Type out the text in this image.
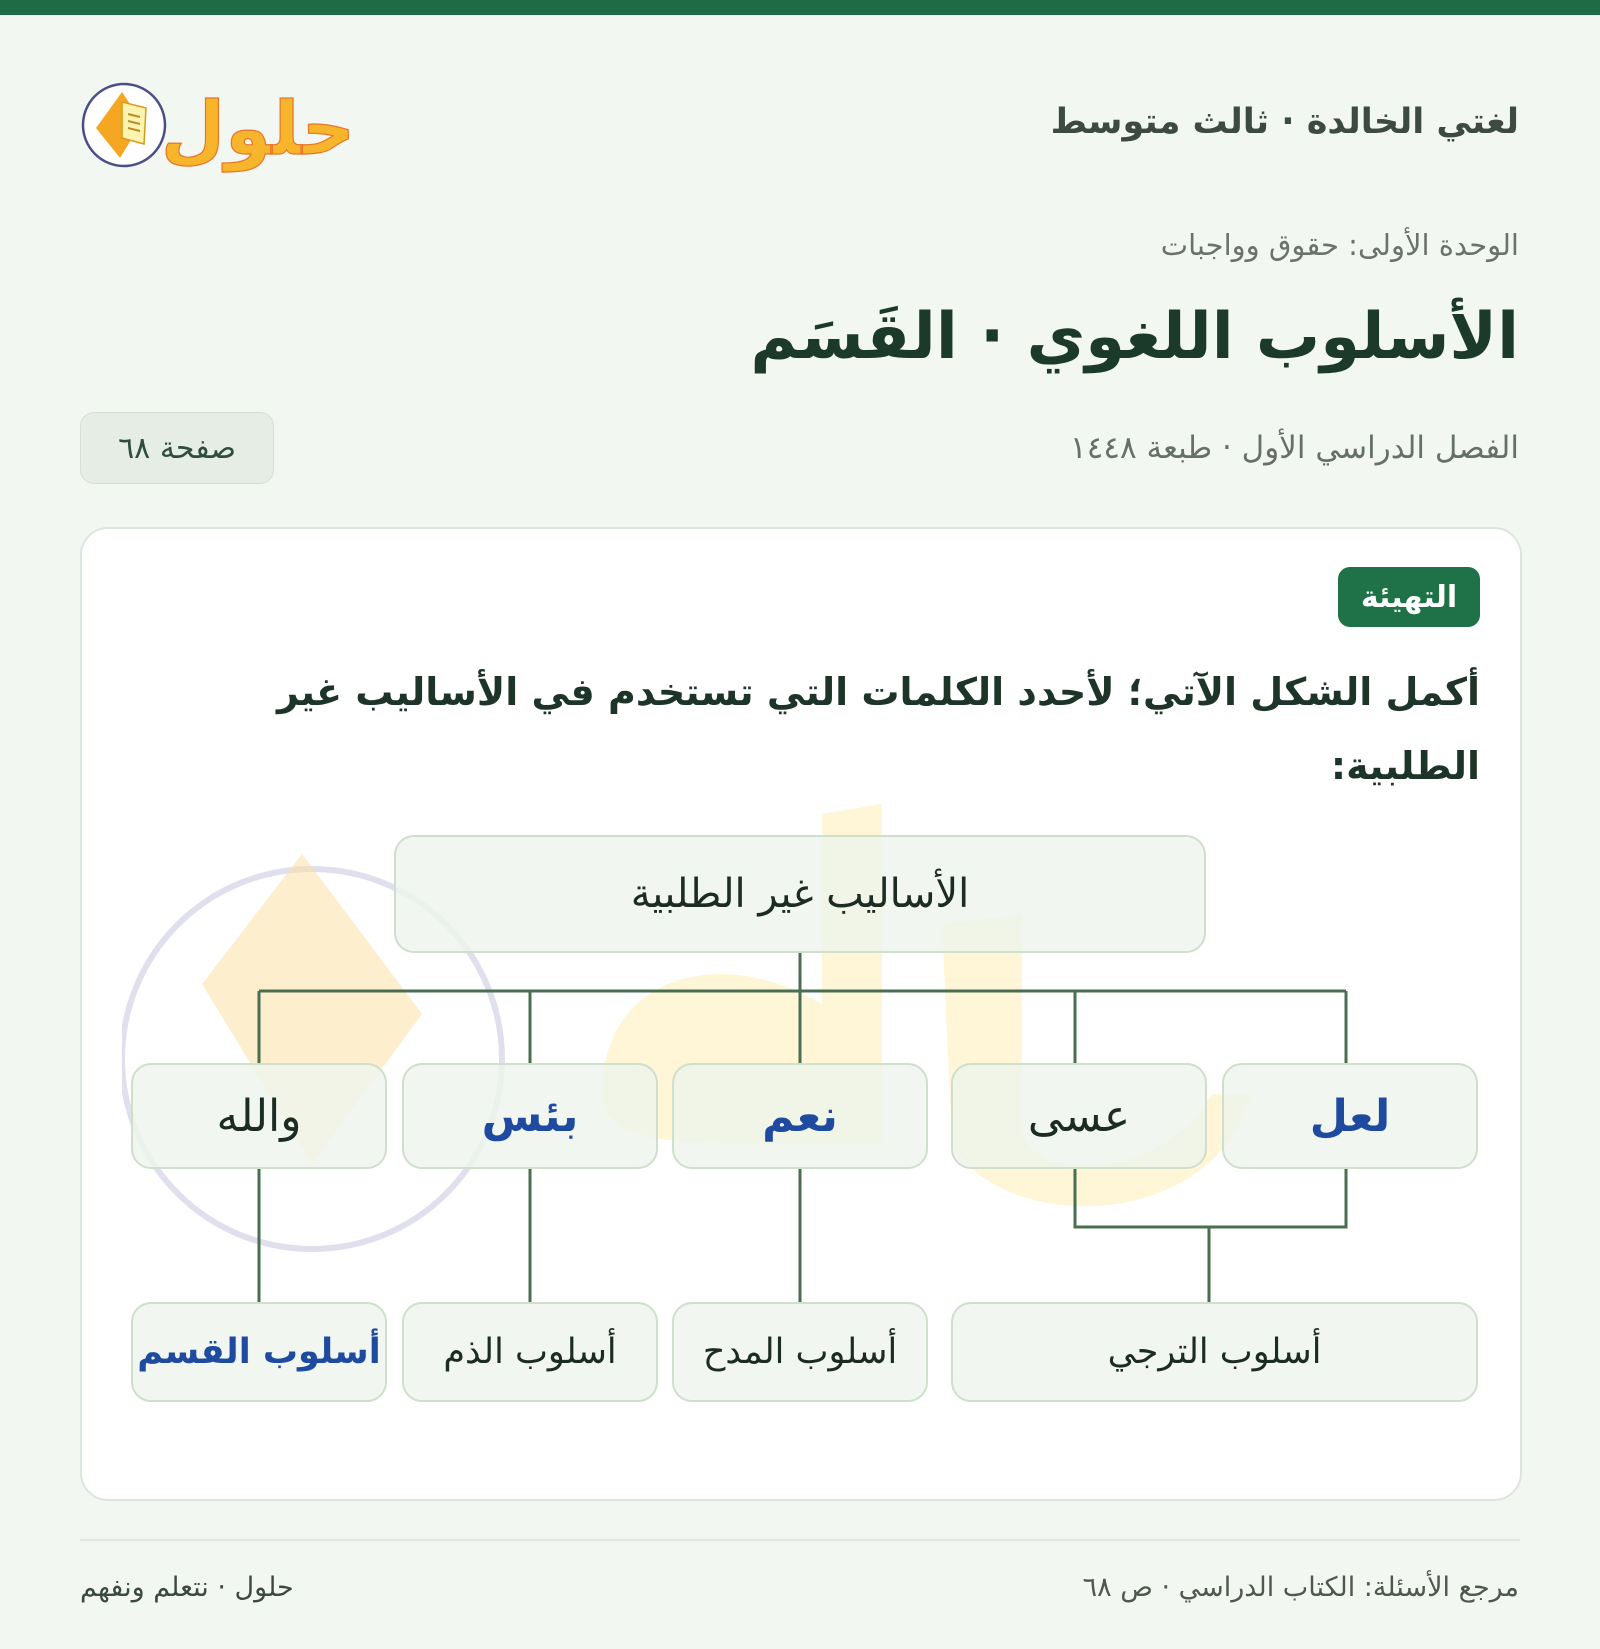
حلول	لغتي الخالدة · ثالث متوسط
الوحدة الأولى: حقوق وواجبات
الأسلوب اللغوي · القَسَم
الفصل الدراسي الأول · طبعة ١٤٤٨
صفحة ٦٨
التهيئة

أكمل الشكل الآتي؛ لأحدد الكلمات التي تستخدم في الأساليب غير الطلبية:

الأساليب غير الطلبية
لعل
عسى
نعم
بئس
والله
أسلوب الترجي
أسلوب المدح
أسلوب الذم
أسلوب القسم
مرجع الأسئلة: الكتاب الدراسي · ص ٦٨
حلول · نتعلم ونفهم
